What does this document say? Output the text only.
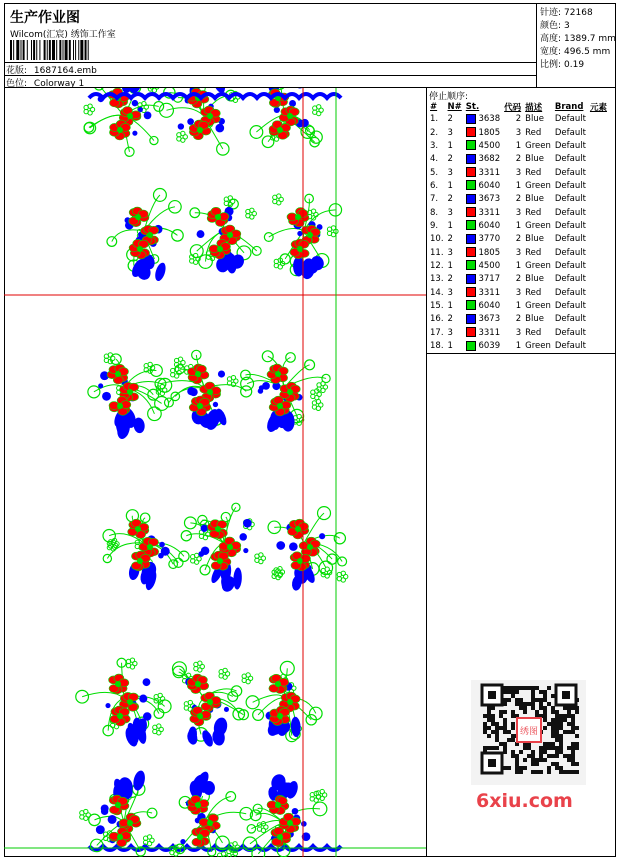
生产作业图
Wilcom(汇宸) 绣饰工作室
花版: 1687164.emb
色位: Colorway 1
停止顺序:
#	N#	St.	代码	描述	Brand	元素
1.	2	3638	2	Blue	Default	
2.	3	1805	3	Red	Default	
3.	1	4500	1	Green	Default	
4.	2	3682	2	Blue	Default	
5.	3	3311	3	Red	Default	
6.	1	6040	1	Green	Default	
7.	2	3673	2	Blue	Default	
8.	3	3311	3	Red	Default	
9.	1	6040	1	Green	Default	
10.	2	3770	2	Blue	Default	
11.	3	1805	3	Red	Default	
12.	1	4500	1	Green	Default	
13.	2	3717	2	Blue	Default	
14.	3	3311	3	Red	Default	
15.	1	6040	1	Green	Default	
16.	2	3673	2	Blue	Default	
17.	3	3311	3	Red	Default	
18.	1	6039	1	Green	Default	
绣图
6xiu.com
针迹: 72168
颜色: 3
高度: 1389.7 mm
宽度: 496.5 mm
比例: 0.19
